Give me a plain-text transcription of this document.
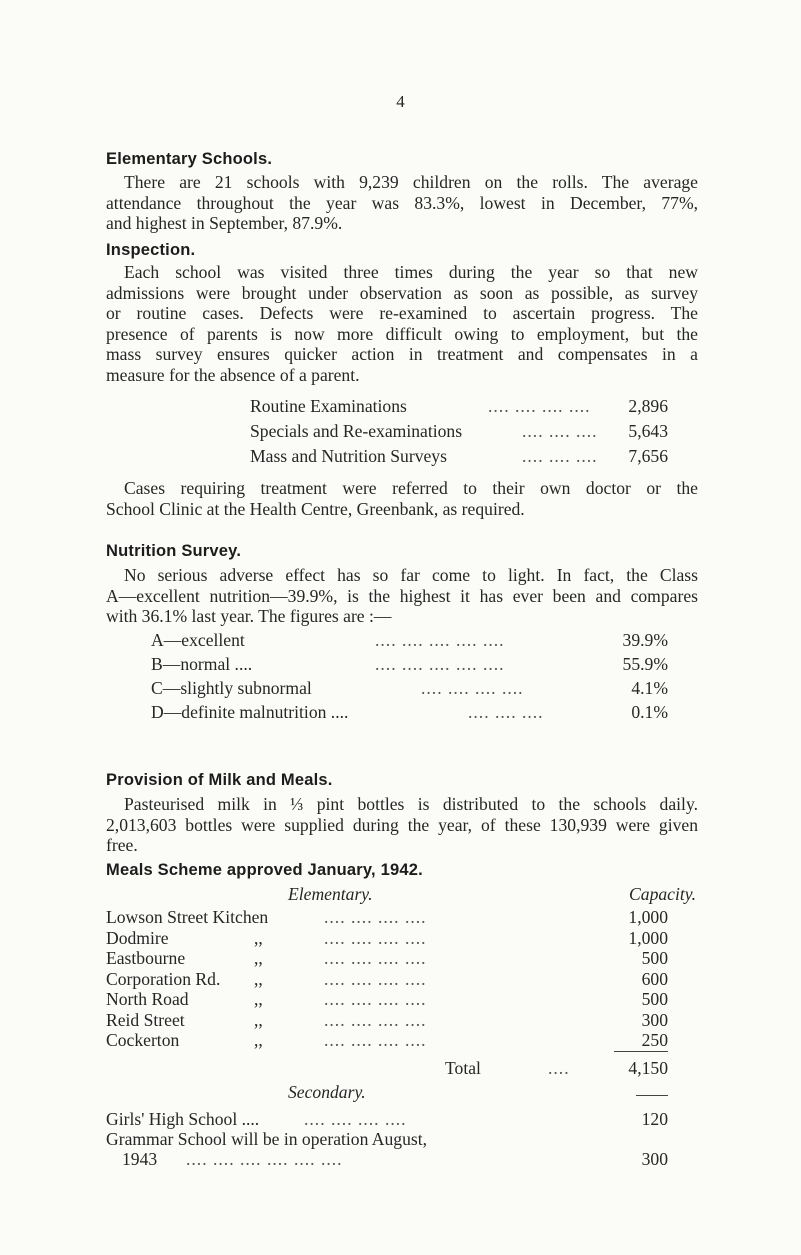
4
Elementary Schools.
There are 21 schools with 9,239 children on the rolls. The average
attendance throughout the year was 83.3%, lowest in December, 77%,
and highest in September, 87.9%.
Inspection.
Each school was visited three times during the year so that new
admissions were brought under observation as soon as possible, as survey
or routine cases. Defects were re-examined to ascertain progress. The
presence of parents is now more difficult owing to employment, but the
mass survey ensures quicker action in treatment and compensates in a
measure for the absence of a parent.
Routine Examinations	.... .... .... .... 2,896
Specials and Re-examinations	.... .... .... 5,643
Mass and Nutrition Surveys	.... .... .... 7,656
Cases requiring treatment were referred to their own doctor or the
School Clinic at the Health Centre, Greenbank, as required.
Nutrition Survey.
No serious adverse effect has so far come to light. In fact, the Class
A—excellent nutrition—39.9%, is the highest it has ever been and compares
with 36.1% last year. The figures are :—
A—excellent	.... .... .... .... ....	39.9%
B—normal ....	.... .... .... .... ....	55.9%
C—slightly subnormal	.... .... .... ....	4.1%
D—definite malnutrition ....	.... .... ....	0.1%
Provision of Milk and Meals.
Pasteurised milk in ⅓ pint bottles is distributed to the schools daily.
2,013,603 bottles were supplied during the year, of these 130,939 were given
free.
Meals Scheme approved January, 1942.
Elementary.	Capacity.
Lowson Street Kitchen	.... .... .... ....	1,000
Dodmire	,,	.... .... .... ....	1,000
Eastbourne	,,	.... .... .... ....	500
Corporation Rd. ,,	.... .... .... ....	600
North Road	,,	.... .... .... ....	500
Reid Street	,,	.... .... .... ....	300
Cockerton	,,	.... .... .... ....	250
Total	....	4,150
Secondary.
Girls' High School ....	.... .... .... ....	120
Grammar School will be in operation August,
1943 .... .... .... .... .... ....	300
